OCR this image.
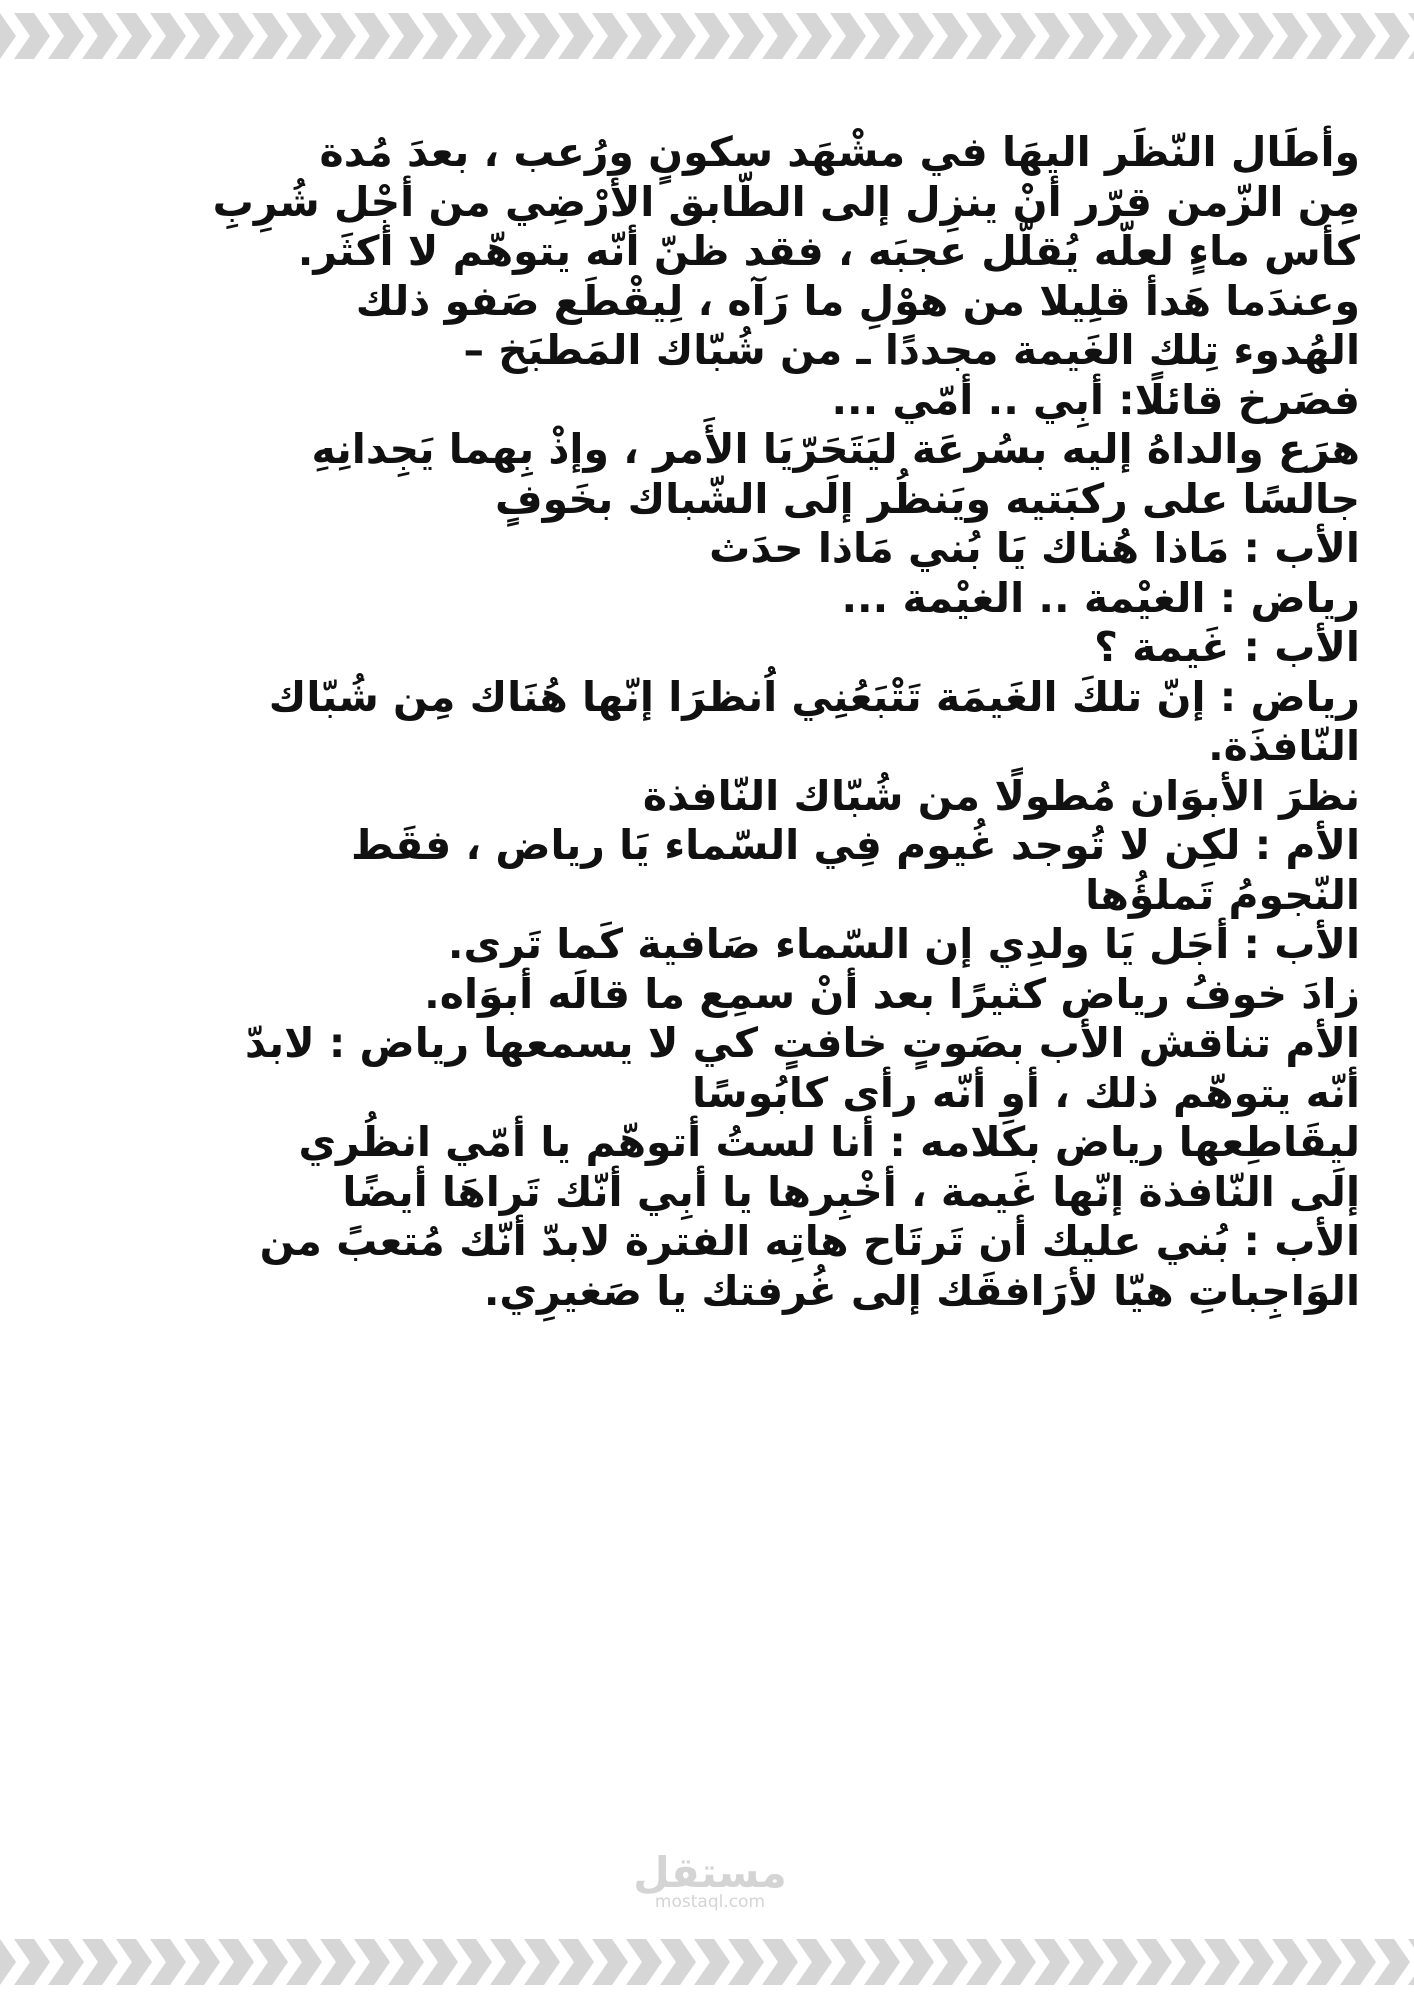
وأطَال النّظَر اليهَا في مشْهَد سكونٍ ورُعب ، بعدَ مُدة
مِن الزّمن قرّر أنْ ينزِل إلى الطّابق الأَرْضِي من أجْل شُرِبِ
كأس ماءٍ لعلّه يُقلّل عجبَه ، فقد ظنّ أنّه يتوهّم لا أكثَر.
وعندَما هَدأ قلِيلا من هوْلِ ما رَآه ، لِيقْطَع صَفو ذلك
الهُدوء تِلك الغَيمة مجددًا ـ من شُبّاك المَطبَخ –
فصَرخ قائلًا: أبِي .. أمّي ...
هرَع والداهُ إليه بسُرعَة ليَتَحَرّيَا الأَمر ، وإذْ بِهما يَجِدانِهِ
جالسًا على ركبَتيه ويَنظُر إلَى الشّباك بخَوفٍ
الأب : مَاذا هُناك يَا بُني مَاذا حدَث
رياض : الغيْمة .. الغيْمة ...
الأب : غَيمة ؟
رياض : إنّ تلكَ الغَيمَة تَتْبَعُنِي اُنظرَا إنّها هُنَاك مِن شُبّاك
النّافذَة.
نظرَ الأبوَان مُطولًا من شُبّاك النّافذة
الأم : لكِن لا تُوجد غُيوم فِي السّماء يَا رياض ، فقَط
النّجومُ تَملؤُها
الأب : أجَل يَا ولدِي إن السّماء صَافية كَما تَرى.
زادَ خوفُ رياض كثيرًا بعد أنْ سمِع ما قالَه أبوَاه.
الأم تناقش الأب بصَوتٍ خافتٍ كي لا يسمعها رياض : لابدّ
أنّه يتوهّم ذلك ، أو أنّه رأى كابُوسًا
ليقَاطِعها رياض بكَلامه : أنا لستُ أتوهّم يا أمّي انظُري
إلَى النّافذة إنّها غَيمة ، أخْبِرها يا أبِي أنّك تَراهَا أيضًا
الأب : بُني عليك أن تَرتَاح هاتِه الفترة لابدّ أنّك مُتعبً من
الوَاجِباتِ هيّا لأرَافقَك إلى غُرفتك يا صَغيرِي.
مستقل
mostaql.com
